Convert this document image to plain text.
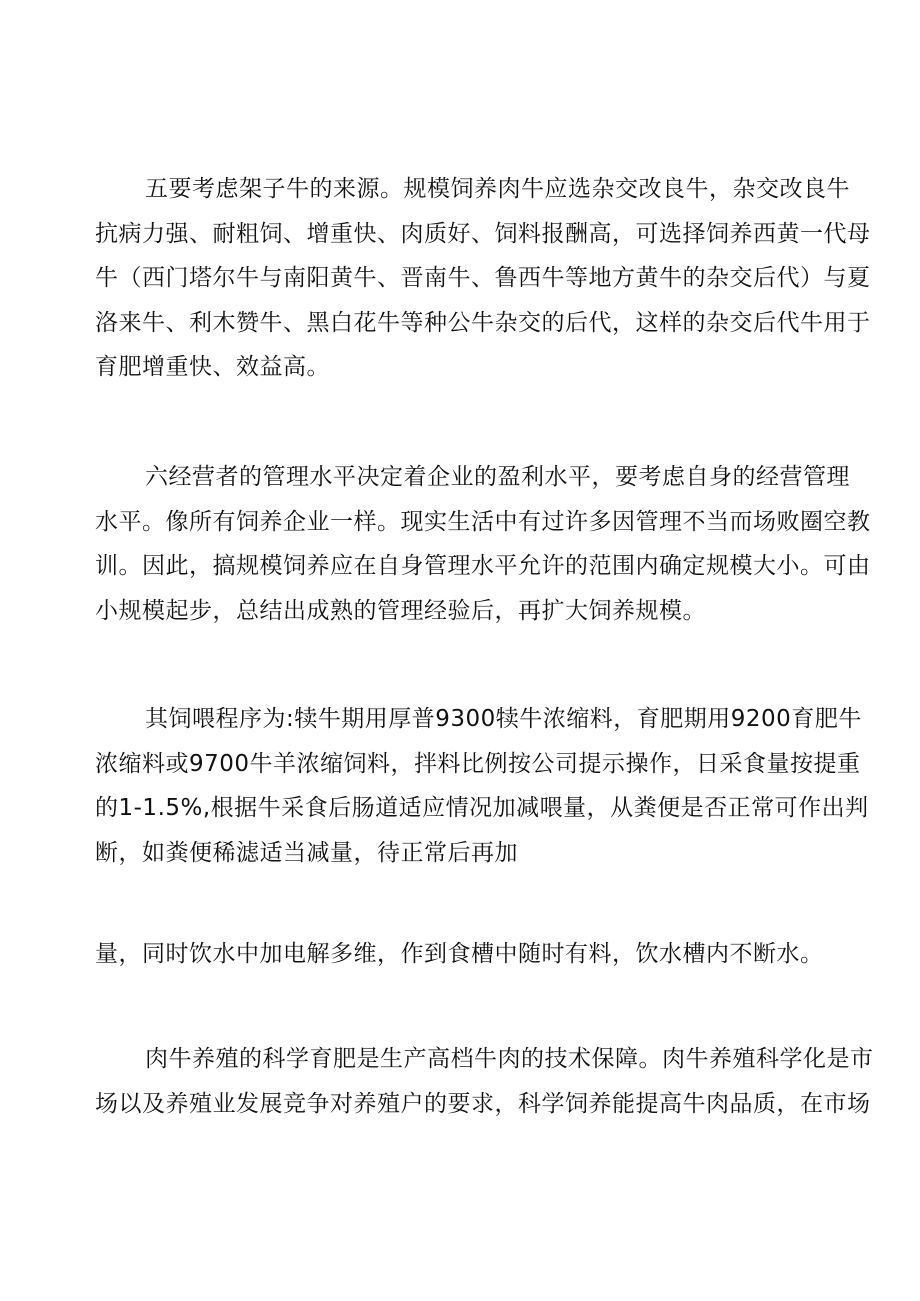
五要考虑架子牛的来源。规模饲养肉牛应选杂交改良牛，杂交改良牛
抗病力强、耐粗饲、增重快、肉质好、饲料报酬高，可选择饲养西黄一代母
牛（西门塔尔牛与南阳黄牛、晋南牛、鲁西牛等地方黄牛的杂交后代）与夏
洛来牛、利木赞牛、黑白花牛等种公牛杂交的后代，这样的杂交后代牛用于
育肥增重快、效益高。
六经营者的管理水平决定着企业的盈利水平，要考虑自身的经营管理
水平。像所有饲养企业一样。现实生活中有过许多因管理不当而场败圈空教
训。因此，搞规模饲养应在自身管理水平允许的范围内确定规模大小。可由
小规模起步，总结出成熟的管理经验后，再扩大饲养规模。
其饲喂程序为:犊牛期用厚普9300犊牛浓缩料，育肥期用9200育肥牛
浓缩料或9700牛羊浓缩饲料，拌料比例按公司提示操作，日采食量按提重
的1-1.5%,根据牛采食后肠道适应情况加减喂量，从粪便是否正常可作出判
断，如粪便稀滤适当减量，待正常后再加
量，同时饮水中加电解多维，作到食槽中随时有料，饮水槽内不断水。
肉牛养殖的科学育肥是生产高档牛肉的技术保障。肉牛养殖科学化是市
场以及养殖业发展竞争对养殖户的要求，科学饲养能提高牛肉品质，在市场
